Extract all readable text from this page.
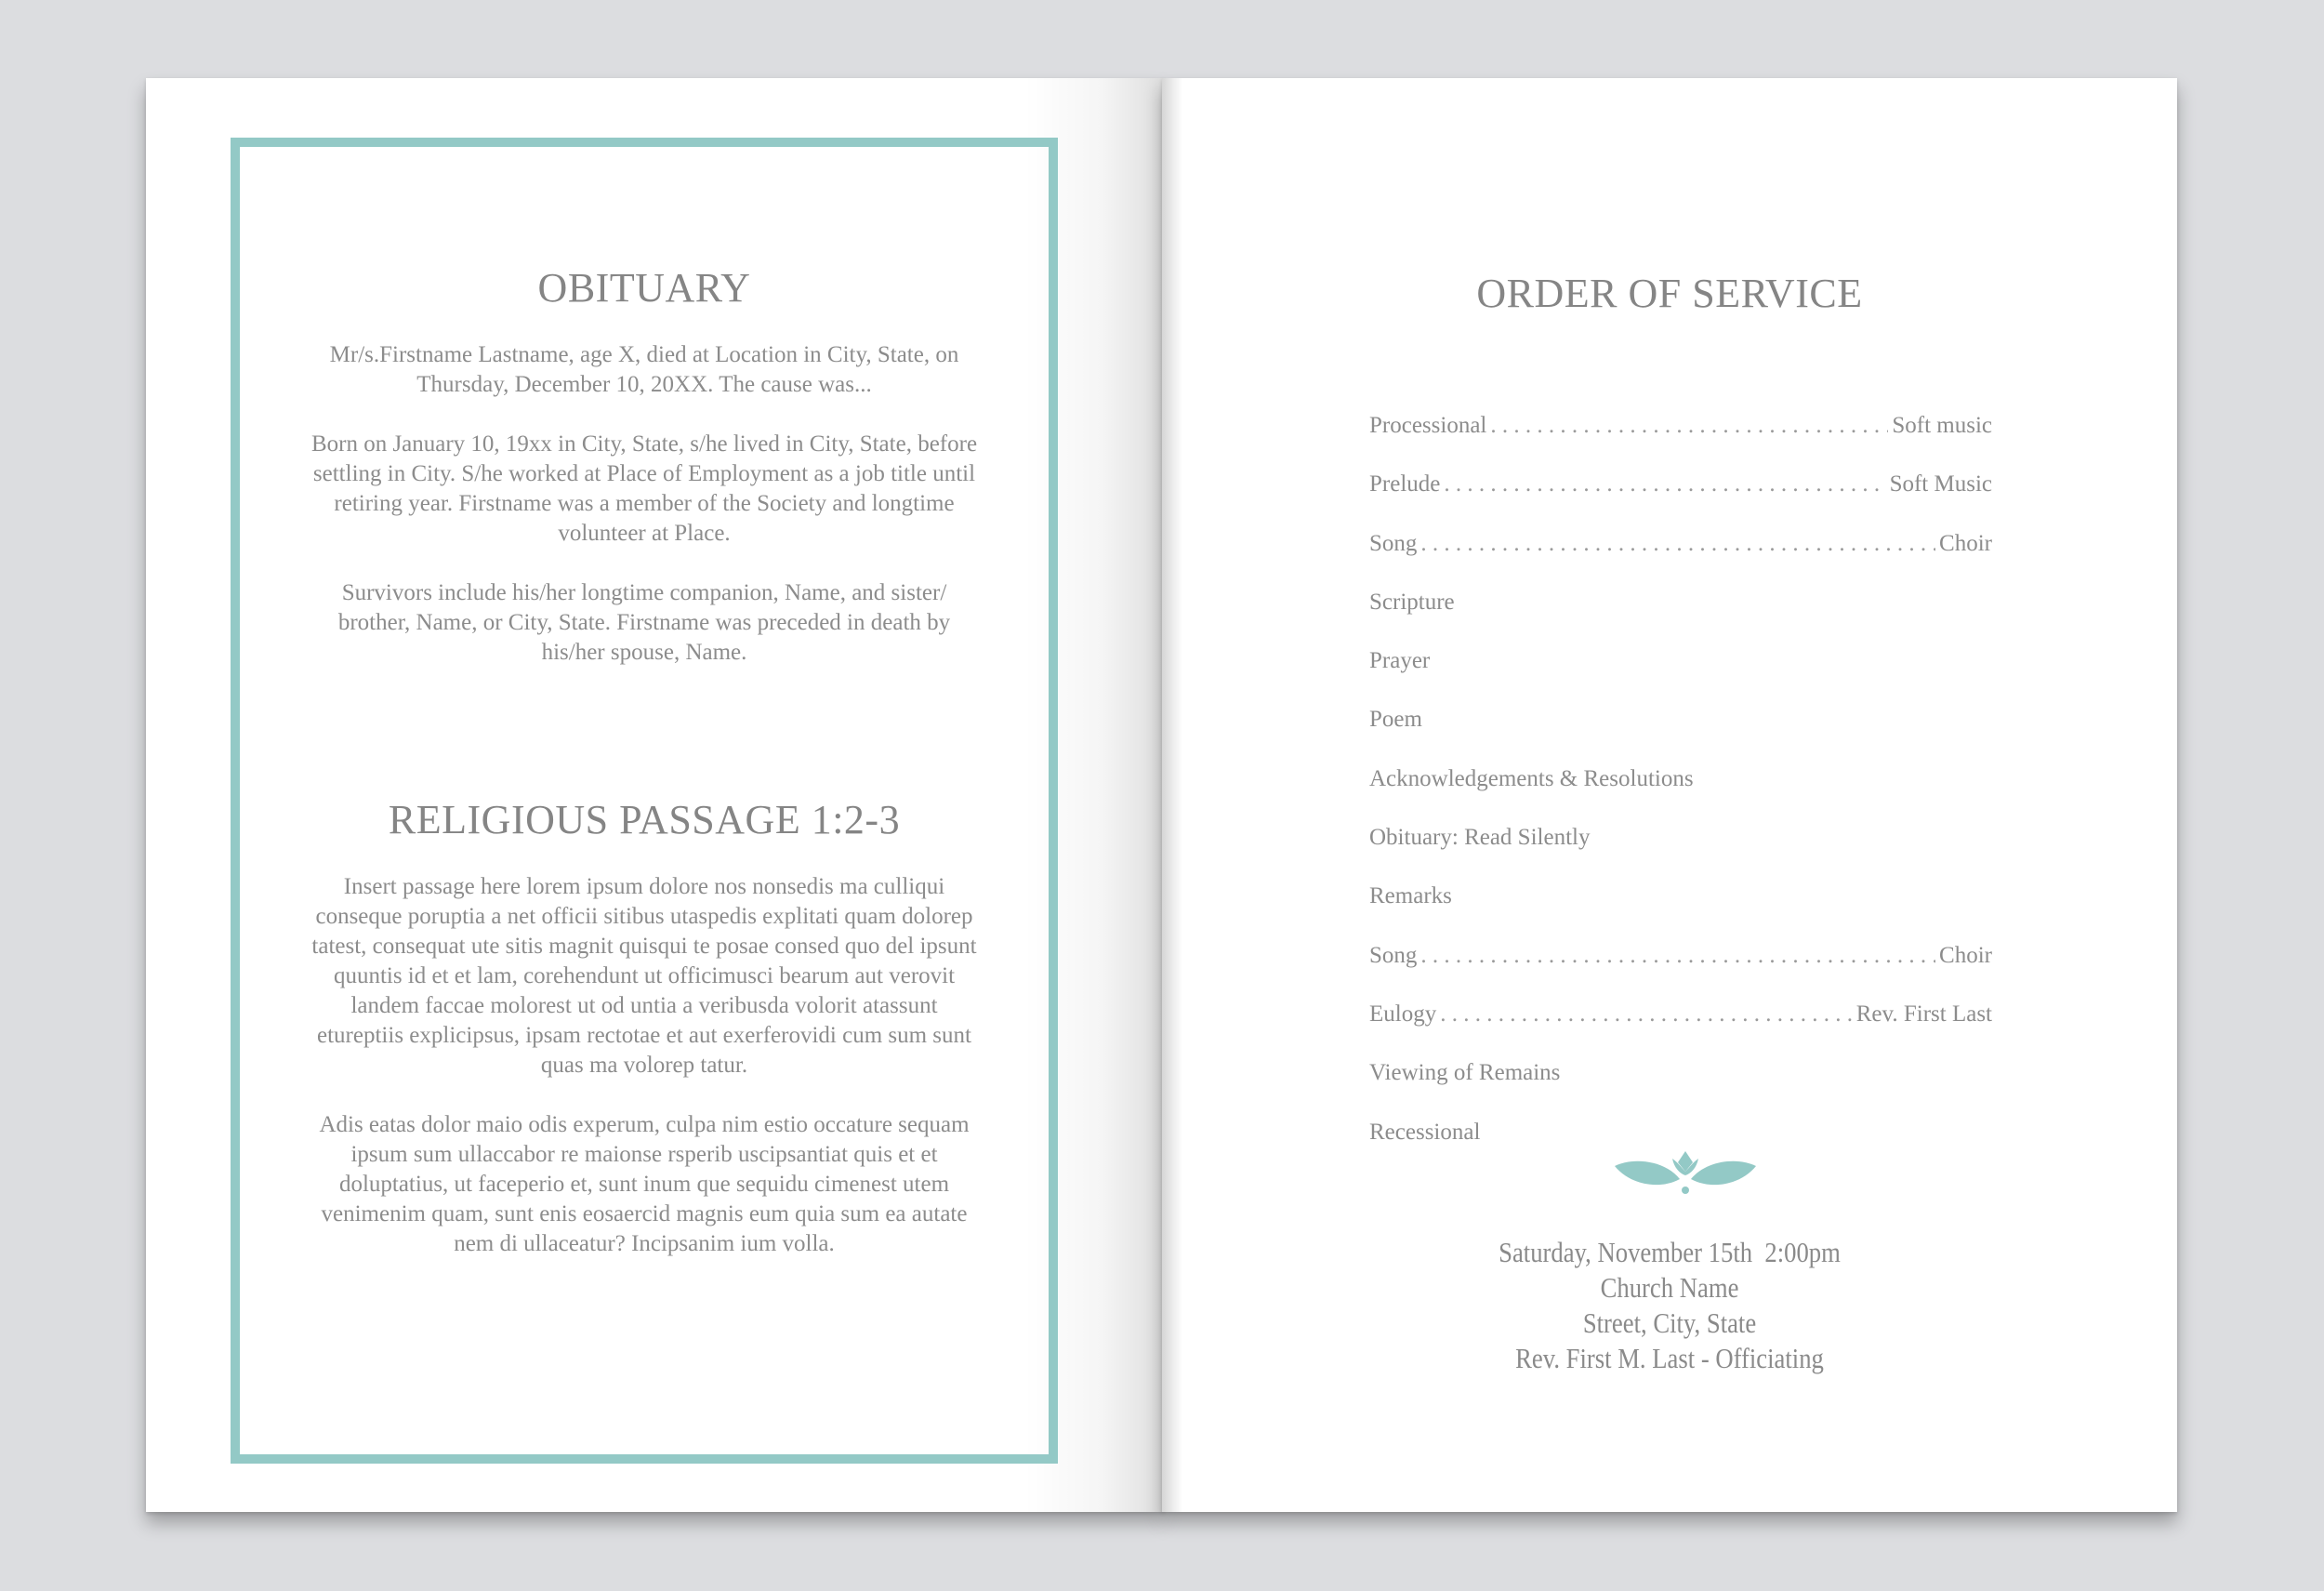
OBITUARY

Mr/s.Firstname Lastname, age X, died at Location in City, State, on Thursday, December 10, 20XX. The cause was...

Born on January 10, 19xx in City, State, s/he lived in City, State, before settling in City. S/he worked at Place of Employment as a job title until retiring year. Firstname was a member of the Society and longtime volunteer at Place.

Survivors include his/her longtime companion, Name, and sister/ brother, Name, or City, State. Firstname was preceded in death by his/her spouse, Name.

RELIGIOUS PASSAGE 1:2-3

Insert passage here lorem ipsum dolore nos nonsedis ma culliqui conseque poruptia a net officii sitibus utaspedis explitati quam dolorep tatest, consequat ute sitis magnit quisqui te posae consed quo del ipsunt quuntis id et et lam, corehendunt ut officimusci bearum aut verovit landem faccae molorest ut od untia a veribusda volorit atassunt etureptiis explicipsus, ipsam rectotae et aut exerferovidi cum sum sunt quas ma volorep tatur.

Adis eatas dolor maio odis experum, culpa nim estio occature sequam ipsum sum ullaccabor re maionse rsperib uscipsantiat quis et et doluptatius, ut faceperio et, sunt inum que sequidu cimenest utem venimenim quam, sunt enis eosaercid magnis eum quia sum ea autate nem di ullaceatur? Incipsanim ium volla.

ORDER OF SERVICE
Processional . . .	Soft music
Prelude . . .	Soft Music
Song . . .	Choir
Scripture
Prayer
Poem
Acknowledgements & Resolutions
Obituary: Read Silently
Remarks
Song . . .	Choir
Eulogy . . .	Rev. First Last
Viewing of Remains
Recessional
Saturday, November 15th  2:00pm
Church Name
Street, City, State
Rev. First M. Last - Officiating
